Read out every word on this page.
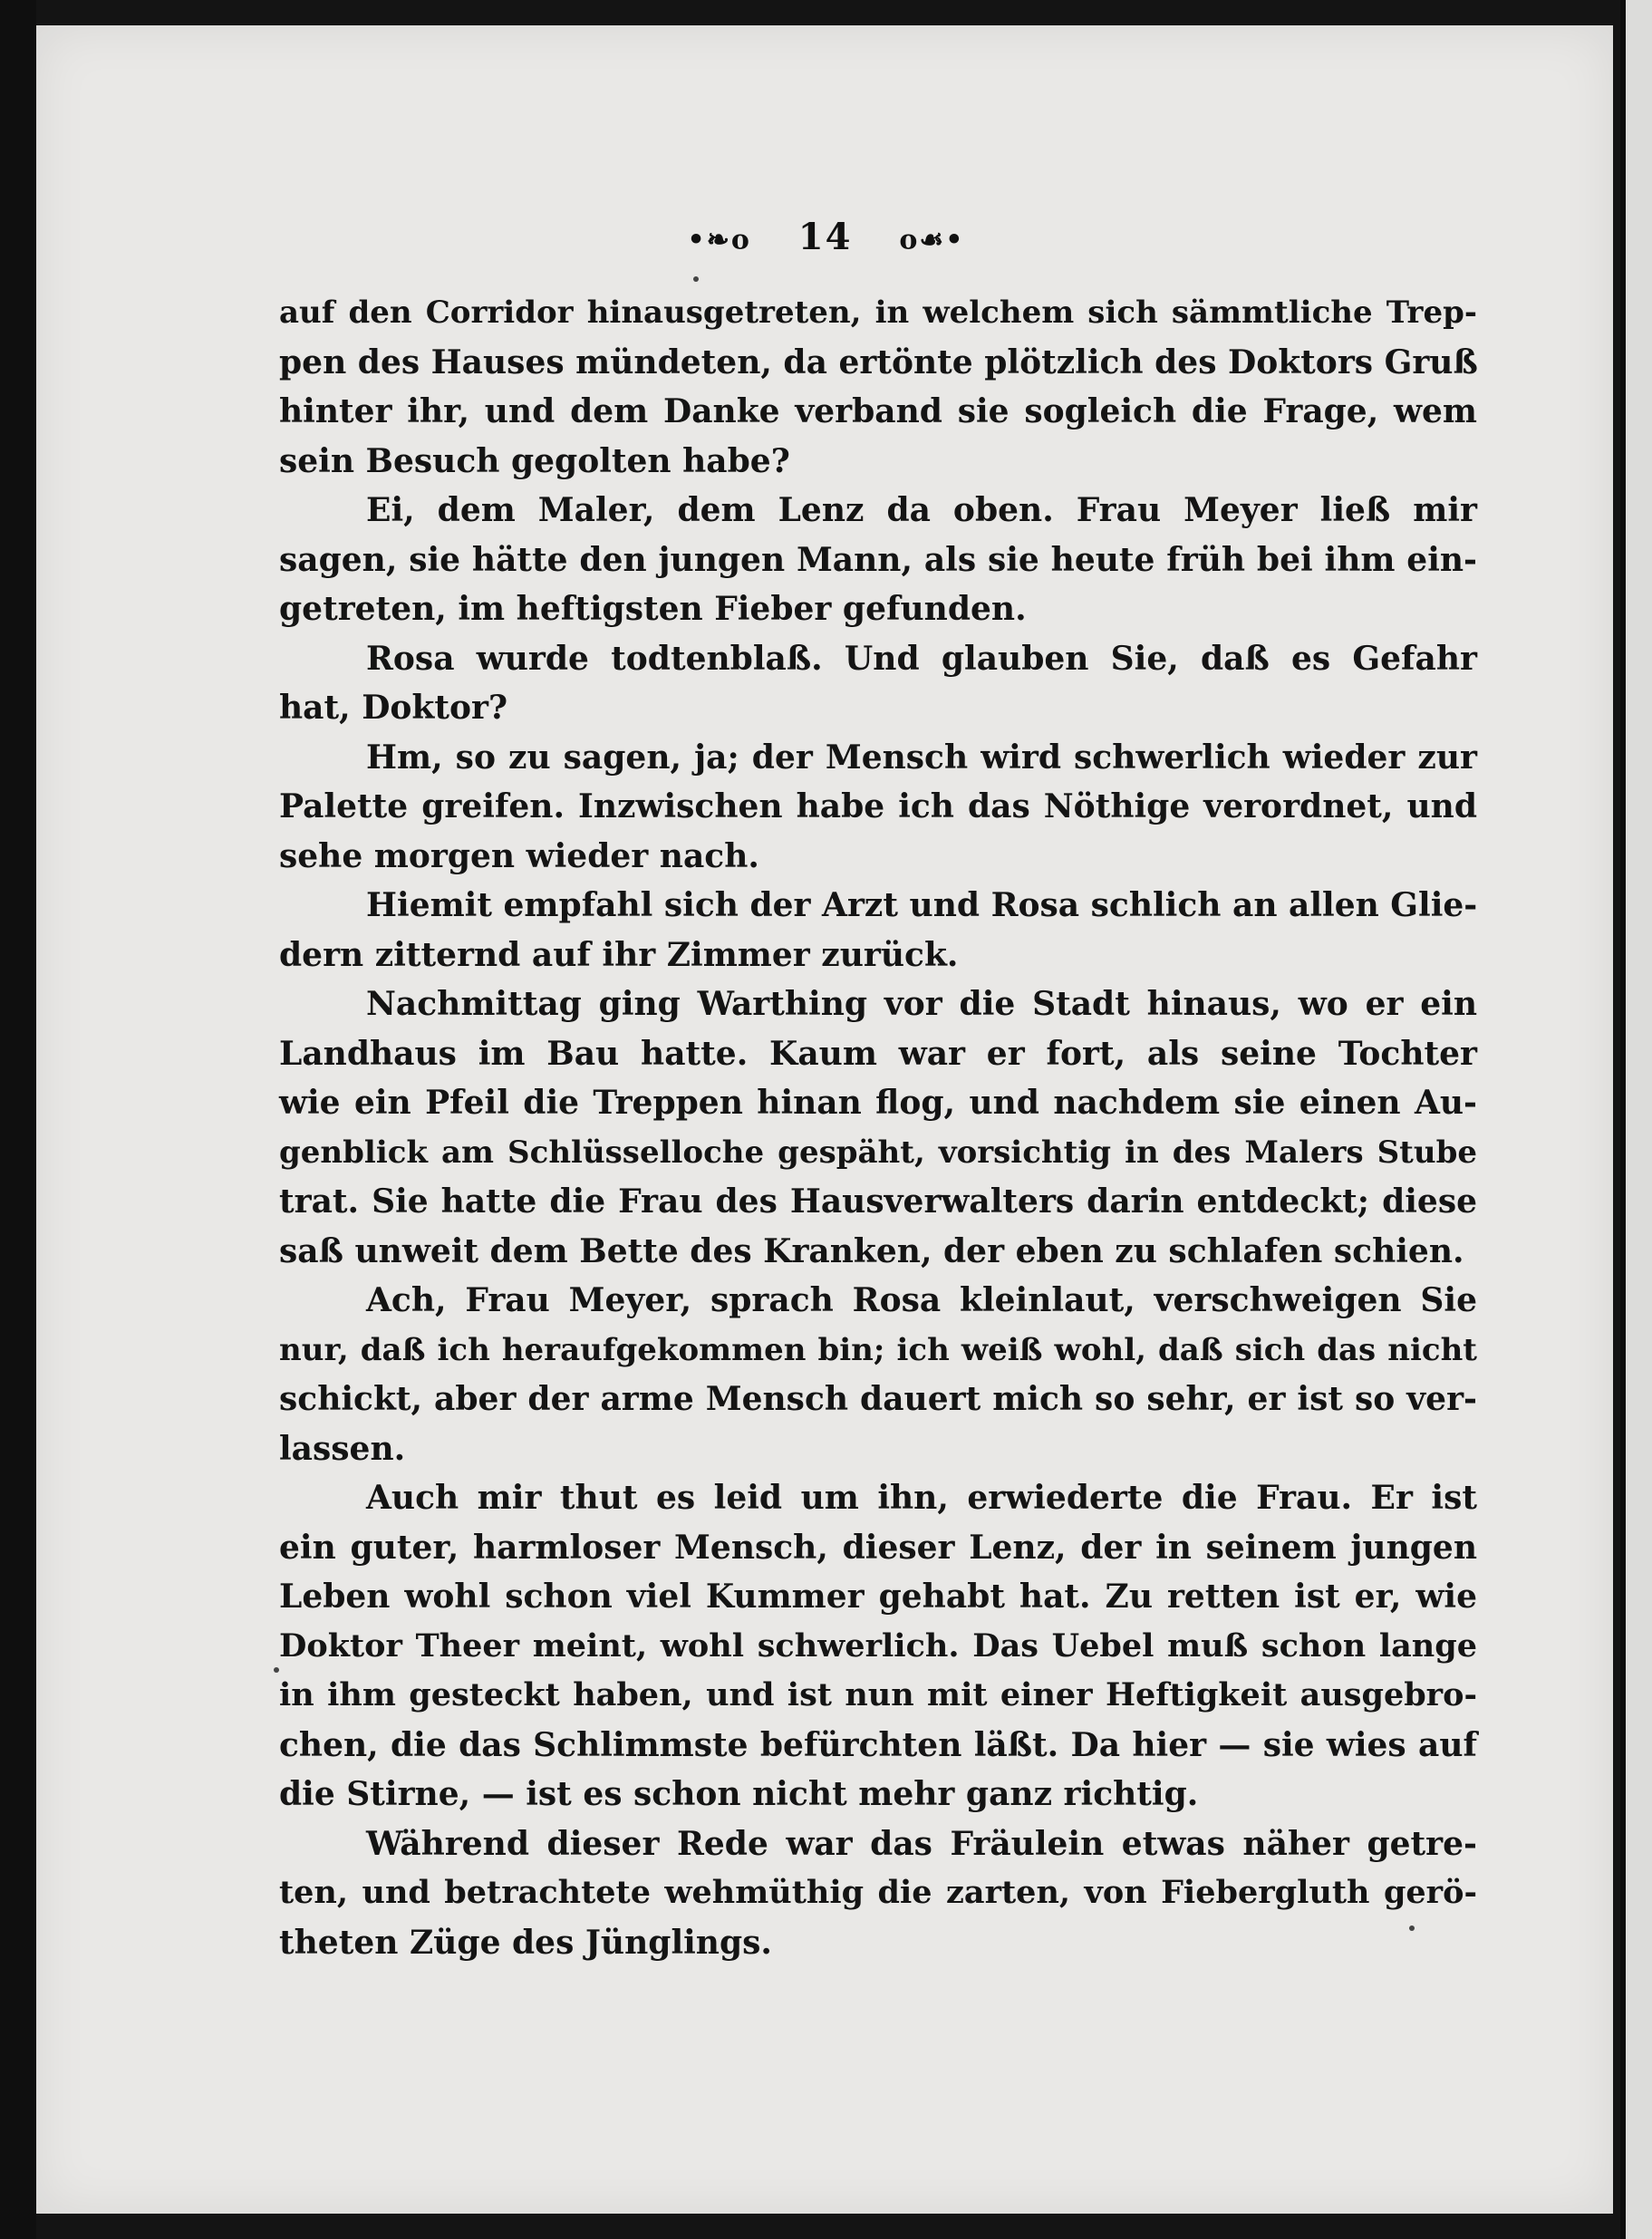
•❧o 14 o☙•
auf den Corridor hinausgetreten, in welchem sich sämmtliche Trep-
pen des Hauses mündeten, da ertönte plötzlich des Doktors Gruß
hinter ihr, und dem Danke verband sie sogleich die Frage, wem
sein Besuch gegolten habe?
Ei, dem Maler, dem Lenz da oben. Frau Meyer ließ mir
sagen, sie hätte den jungen Mann, als sie heute früh bei ihm ein-
getreten, im heftigsten Fieber gefunden.
Rosa wurde todtenblaß. Und glauben Sie, daß es Gefahr
hat, Doktor?
Hm, so zu sagen, ja; der Mensch wird schwerlich wieder zur
Palette greifen. Inzwischen habe ich das Nöthige verordnet, und
sehe morgen wieder nach.
Hiemit empfahl sich der Arzt und Rosa schlich an allen Glie-
dern zitternd auf ihr Zimmer zurück.
Nachmittag ging Warthing vor die Stadt hinaus, wo er ein
Landhaus im Bau hatte. Kaum war er fort, als seine Tochter
wie ein Pfeil die Treppen hinan flog, und nachdem sie einen Au-
genblick am Schlüsselloche gespäht, vorsichtig in des Malers Stube
trat. Sie hatte die Frau des Hausverwalters darin entdeckt; diese
saß unweit dem Bette des Kranken, der eben zu schlafen schien.
Ach, Frau Meyer, sprach Rosa kleinlaut, verschweigen Sie
nur, daß ich heraufgekommen bin; ich weiß wohl, daß sich das nicht
schickt, aber der arme Mensch dauert mich so sehr, er ist so ver-
lassen.
Auch mir thut es leid um ihn, erwiederte die Frau. Er ist
ein guter, harmloser Mensch, dieser Lenz, der in seinem jungen
Leben wohl schon viel Kummer gehabt hat. Zu retten ist er, wie
Doktor Theer meint, wohl schwerlich. Das Uebel muß schon lange
in ihm gesteckt haben, und ist nun mit einer Heftigkeit ausgebro-
chen, die das Schlimmste befürchten läßt. Da hier — sie wies auf
die Stirne, — ist es schon nicht mehr ganz richtig.
Während dieser Rede war das Fräulein etwas näher getre-
ten, und betrachtete wehmüthig die zarten, von Fiebergluth gerö-
theten Züge des Jünglings.
